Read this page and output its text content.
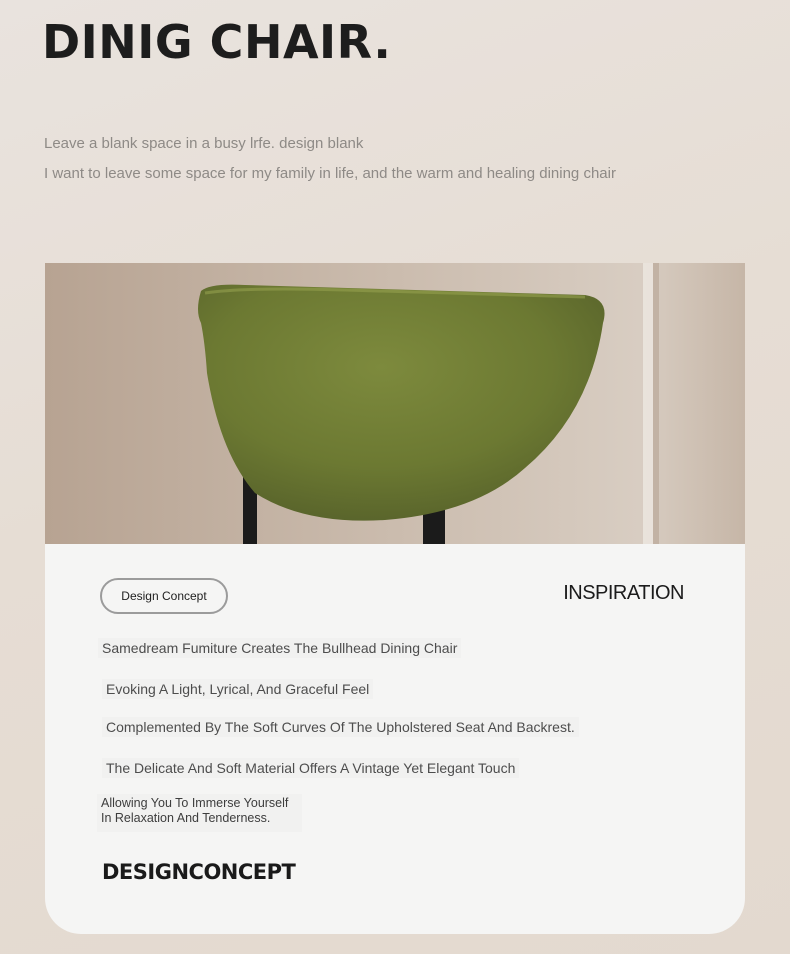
DINIG CHAIR.
Leave a blank space in a busy lrfe. design blank
I want to leave some space for my family in life, and the warm and healing dining chair
Design Concept	INSPIRATION
Samedream Fumiture Creates The Bullhead Dining Chair
Evoking A Light, Lyrical, And Graceful Feel
Complemented By The Soft Curves Of The Upholstered Seat And Backrest.
The Delicate And Soft Material Offers A Vintage Yet Elegant Touch
Allowing You To Immerse Yourself
In Relaxation And Tenderness.
DESIGNCONCEPT
